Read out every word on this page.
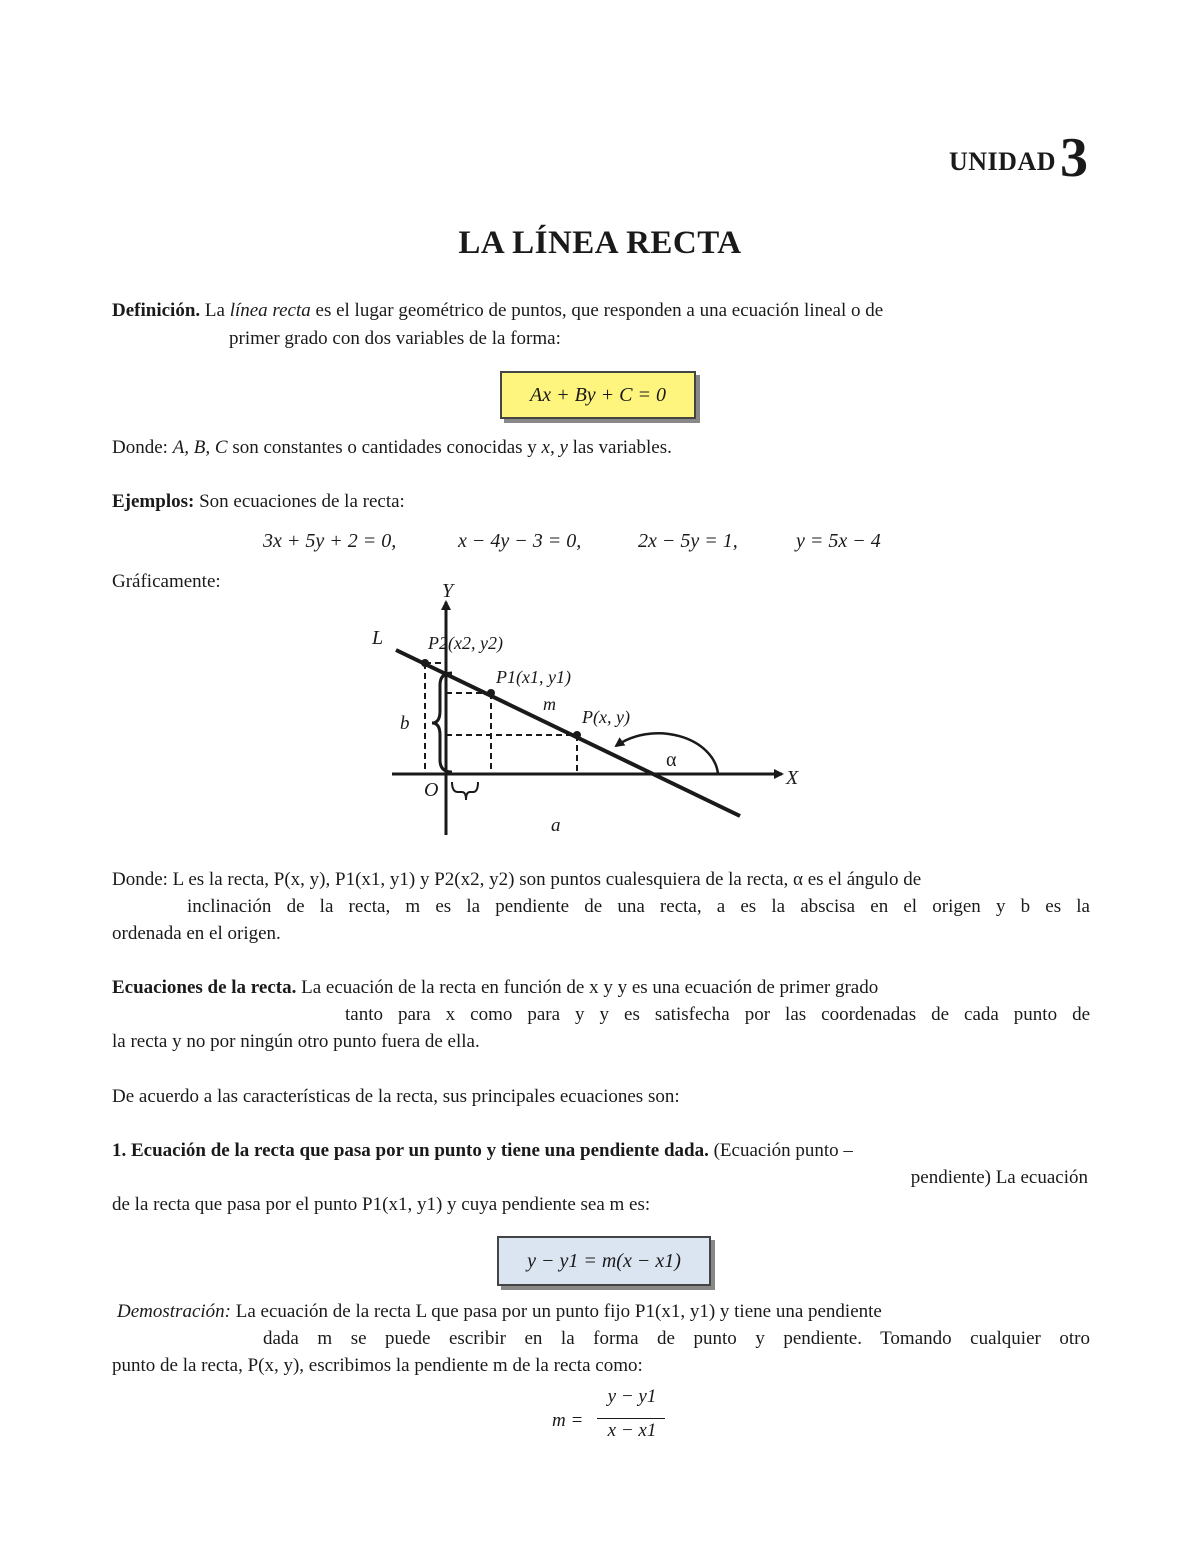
UNIDAD 3
LA LÍNEA RECTA
Definición. La línea recta es el lugar geométrico de puntos, que responden a una ecuación lineal o de
primer grado con dos variables de la forma:
Ax + By + C = 0
Donde: A, B, C son constantes o cantidades conocidas y x, y las variables.
Ejemplos: Son ecuaciones de la recta:
3x + 5y + 2 = 0,	x − 4y − 3 = 0,	2x − 5y = 1,	y = 5x − 4
Gráficamente:	Y
X
L
O
P2(x2, y2)
P1(x1, y1)
P(x, y)
m
b
a
α
Donde: L es la recta, P(x, y), P1(x1, y1) y P2(x2, y2) son puntos cualesquiera de la recta, α es el ángulo de
inclinación de la recta, m es la pendiente de una recta, a es la abscisa en el origen y b es la
ordenada en el origen.
Ecuaciones de la recta. La ecuación de la recta en función de x y y es una ecuación de primer grado
tanto para x como para y y es satisfecha por las coordenadas de cada punto de
la recta y no por ningún otro punto fuera de ella.
De acuerdo a las características de la recta, sus principales ecuaciones son:
1. Ecuación de la recta que pasa por un punto y tiene una pendiente dada. (Ecuación punto –
pendiente) La ecuación
de la recta que pasa por el punto P1(x1, y1) y cuya pendiente sea m es:
y − y1 = m(x − x1)
Demostración: La ecuación de la recta L que pasa por un punto fijo P1(x1, y1) y tiene una pendiente
dada m se puede escribir en la forma de punto y pendiente. Tomando cualquier otro
punto de la recta, P(x, y), escribimos la pendiente m de la recta como:
m =
y − y1
x − x1
